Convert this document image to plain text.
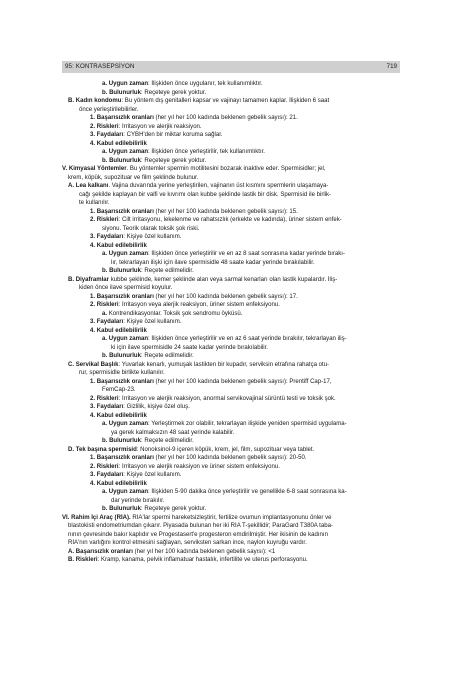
95: KONTRASEPSİYON	719
a. Uygun zaman: İlişkiden önce uygulanır, tek kullanımlıktır.
b. Bulunurluk: Reçeteye gerek yoktur.
B. Kadın kondomu: Bu yöntem dış genitalleri kapsar ve vajinayı tamamen kaplar. İlişkiden 6 saat
önce yerleştirilebilirler.
1. Başarısızlık oranları (her yıl her 100 kadında beklenen gebelik sayısı): 21.
2. Riskleri: İrritasyon ve alerjik reaksiyon.
3. Faydaları: CYBH'den bir miktar koruma sağlar.
4. Kabul edilebilirlik
a. Uygun zaman: İlişkiden önce yerleştirilir, tek kullanımlıktır.
b. Bulunurluk: Reçeteye gerek yoktur.
V. Kimyasal Yöntemler. Bu yöntemler spermin motilitesini bozarak inaktive eder. Spermisidler; jel,
krem, köpük, supozituar ve film şeklinde bulunur.
A. Lea kalkanı. Vajina duvarında yerine yerleştirilen, vajinanın üst kısmını spermlerin ulaşamaya-
cağı şekilde kaplayan bir valfi ve kıvrımı olan kubbe şeklinde lastik bir disk. Spermisid ile birlik-
te kullanılır.
1. Başarısızlık oranları (her yıl her 100 kadında beklenen gebelik sayısı): 15.
2. Riskleri: Cilt irritasyonu, lekelenme ve rahatsızlık (erkekte ve kadında), üriner sistem enfek-
siyonu. Teorik olarak toksik şok riski.
3. Faydaları: Kişiye özel kullanım.
4. Kabul edilebilirlik
a. Uygun zaman: İlişkiden önce yerleştirilir ve en az 8 saat sonrasına kadar yerinde bırakı-
lır, tekrarlayan ilişki için ilave spermisidle 48 saate kadar yerinde bırakılabilir.
b. Bulunurluk: Reçete edilmelidir.
B. Diyaframlar kubbe şeklinde, kemer şeklinde alan veya sarmal kenarları olan lastik kupalardır. İliş-
kiden önce ilave spermisid koyulur.
1. Başarısızlık oranları (her yıl her 100 kadında beklenen gebelik sayısı): 17.
2. Riskleri: İrritasyon veya alerjik reaksiyon, üriner sistem enfeksiyonu.
a. Kontrendikasyonlar. Toksik şok sendromu öyküsü.
3. Faydaları: Kişiye özel kullanım.
4. Kabul edilebilirlik
a. Uygun zaman: İlişkiden önce yerleştirilir ve en az 6 saat yerinde bırakılır, tekrarlayan iliş-
ki için ilave spermisidle 24 saate kadar yerinde bırakılabilir.
b. Bulunurluk: Reçete edilmelidir.
C. Servikal Başlık: Yuvarlak kenarlı, yumuşak lastikten bir kupadır, serviksin etrafına rahatça otu-
rur, spermisidle birlikte kullanılır.
1. Başarısızlık oranları (her yıl her 100 kadında beklenen gebelik sayısı): Prentiff Cap-17,
FemCap-23.
2. Riskleri: İrritasyon ve alerjik reaksiyon, anormal servikovajinal sürüntü testi ve toksik şok.
3. Faydaları: Gizlilik, kişiye özel oluş.
4. Kabul edilebilirlik
a. Uygun zaman: Yerleştirmek zor olabilir, tekrarlayan ilişkide yeniden spermisid uygulama-
ya gerek kalmaksızın 48 saat yerinde kalabilir.
b. Bulunurluk: Reçete edilmelidir.
D. Tek başına spermisid: Nonoksinol-9 içeren köpük, krem, jel, film, supozituar veya tablet.
1. Başarısızlık oranları (her yıl her 100 kadında beklenen gebelik sayısı): 20-50.
2. Riskleri: İrritasyon ve alerjik reaksiyon ve üriner sistem enfeksiyonu.
3. Faydaları: Kişiye özel kullanım.
4. Kabul edilebilirlik
a. Uygun zaman: İlişkiden 5-90 dakika önce yerleştirilir ve genellikle 6-8 saat sonrasına ka-
dar yerinde bırakılır.
b. Bulunurluk: Reçeteye gerek yoktur.
VI. Rahim İçi Araç (RİA). RİA'lar spermi hareketsizleştirir, fertilize ovumun implantasyonunu önler ve
blastokisti endometriumdan çıkarır. Piyasada bulunan her iki RİA T-şekillidir; ParaGard T380A taba-
nının çevresinde bakır kaplıdır ve Progestasert'e progesteron emdirilmiştir. Her ikisinin de kadının
RİA'nın varlığını kontrol etmesini sağlayan, serviksten sarkan ince, naylon kuyruğu vardır.
A. Başarısızlık oranları (her yıl her 100 kadında beklenen gebelik sayısı): <1
B. Riskleri: Kramp, kanama, pelvik inflamatuar hastalık, infertilite ve uterus perforasyonu.
